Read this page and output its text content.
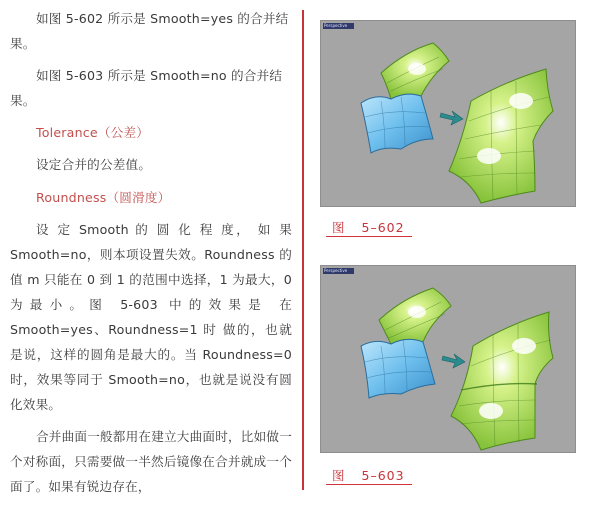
如图 5-602 所示是 Smooth=yes 的合并结果。

如图 5-603 所示是 Smooth=no 的合并结果。

Tolerance（公差）

设定合并的公差值。

Roundness（圆滑度）

设 定 Smooth 的 圆 化 程 度， 如 果 Smooth=no，则本项设置失效。Roundness 的值 m 只能在 0 到 1 的范围中选择，1 为最大，0 为最小。图 5-603 中的效果是 在 Smooth=yes、Roundness=1 时 做的，也就是说，这样的圆角是最大的。当 Roundness=0 时，效果等同于 Smooth=no，也就是说没有圆化效果。

合并曲面一般都用在建立大曲面时，比如做一个对称面，只需要做一半然后镜像在合并就成一个面了。如果有锐边存在，

Perspective
图 5–602
Perspective
图 5–603
